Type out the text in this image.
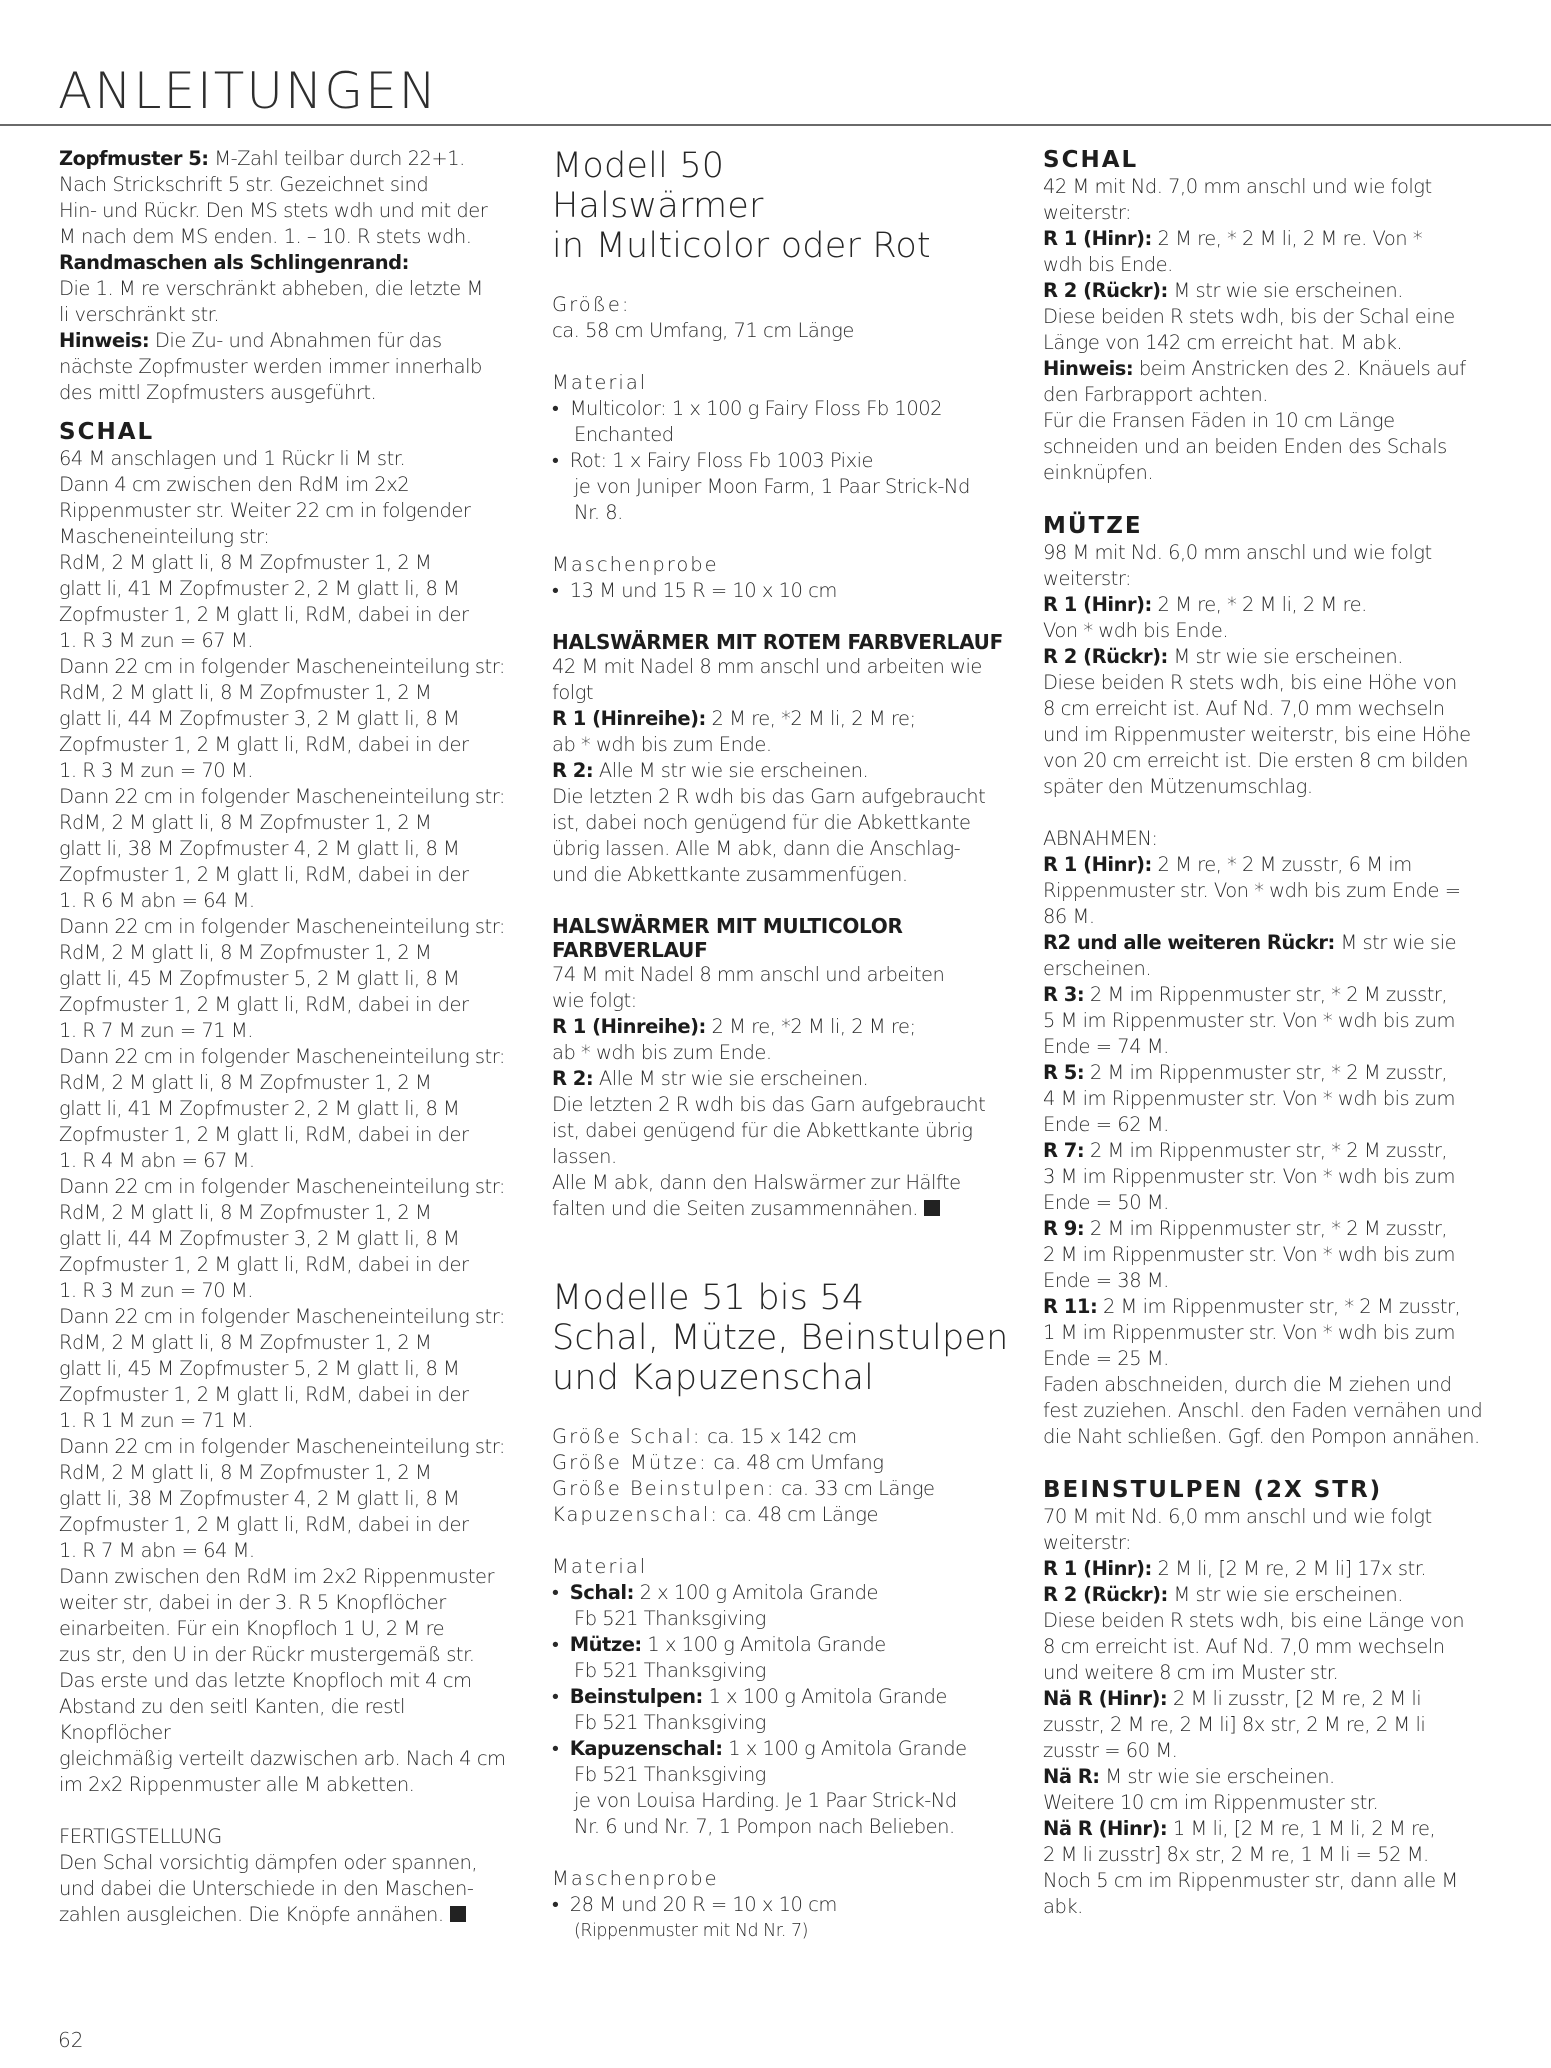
ANLEITUNGEN

Zopfmuster 5: M-Zahl teilbar durch 22+1.

Nach Strickschrift 5 str. Gezeichnet sind

Hin- und Rückr. Den MS stets wdh und mit der

M nach dem MS enden. 1. – 10. R stets wdh.

Randmaschen als Schlingenrand:

Die 1. M re verschränkt abheben, die letzte M

li verschränkt str.

Hinweis: Die Zu- und Abnahmen für das

nächste Zopfmuster werden immer innerhalb

des mittl Zopfmusters ausgeführt.

SCHAL

64 M anschlagen und 1 Rückr li M str.

Dann 4 cm zwischen den RdM im 2x2

Rippenmuster str. Weiter 22 cm in folgender

Mascheneinteilung str:

RdM, 2 M glatt li, 8 M Zopfmuster 1, 2 M

glatt li, 41 M Zopfmuster 2, 2 M glatt li, 8 M

Zopfmuster 1, 2 M glatt li, RdM, dabei in der

1. R 3 M zun = 67 M.

Dann 22 cm in folgender Mascheneinteilung str:

RdM, 2 M glatt li, 8 M Zopfmuster 1, 2 M

glatt li, 44 M Zopfmuster 3, 2 M glatt li, 8 M

Zopfmuster 1, 2 M glatt li, RdM, dabei in der

1. R 3 M zun = 70 M.

Dann 22 cm in folgender Mascheneinteilung str:

RdM, 2 M glatt li, 8 M Zopfmuster 1, 2 M

glatt li, 38 M Zopfmuster 4, 2 M glatt li, 8 M

Zopfmuster 1, 2 M glatt li, RdM, dabei in der

1. R 6 M abn = 64 M.

Dann 22 cm in folgender Mascheneinteilung str:

RdM, 2 M glatt li, 8 M Zopfmuster 1, 2 M

glatt li, 45 M Zopfmuster 5, 2 M glatt li, 8 M

Zopfmuster 1, 2 M glatt li, RdM, dabei in der

1. R 7 M zun = 71 M.

Dann 22 cm in folgender Mascheneinteilung str:

RdM, 2 M glatt li, 8 M Zopfmuster 1, 2 M

glatt li, 41 M Zopfmuster 2, 2 M glatt li, 8 M

Zopfmuster 1, 2 M glatt li, RdM, dabei in der

1. R 4 M abn = 67 M.

Dann 22 cm in folgender Mascheneinteilung str:

RdM, 2 M glatt li, 8 M Zopfmuster 1, 2 M

glatt li, 44 M Zopfmuster 3, 2 M glatt li, 8 M

Zopfmuster 1, 2 M glatt li, RdM, dabei in der

1. R 3 M zun = 70 M.

Dann 22 cm in folgender Mascheneinteilung str:

RdM, 2 M glatt li, 8 M Zopfmuster 1, 2 M

glatt li, 45 M Zopfmuster 5, 2 M glatt li, 8 M

Zopfmuster 1, 2 M glatt li, RdM, dabei in der

1. R 1 M zun = 71 M.

Dann 22 cm in folgender Mascheneinteilung str:

RdM, 2 M glatt li, 8 M Zopfmuster 1, 2 M

glatt li, 38 M Zopfmuster 4, 2 M glatt li, 8 M

Zopfmuster 1, 2 M glatt li, RdM, dabei in der

1. R 7 M abn = 64 M.

Dann zwischen den RdM im 2x2 Rippenmuster

weiter str, dabei in der 3. R 5 Knopflöcher

einarbeiten. Für ein Knopfloch 1 U, 2 M re

zus str, den U in der Rückr mustergemäß str.

Das erste und das letzte Knopfloch mit 4 cm

Abstand zu den seitl Kanten, die restl Knopflöcher

gleichmäßig verteilt dazwischen arb. Nach 4 cm

im 2x2 Rippenmuster alle M abketten.

FERTIGSTELLUNG

Den Schal vorsichtig dämpfen oder spannen,

und dabei die Unterschiede in den Maschen-

zahlen ausgleichen. Die Knöpfe annähen.

Modell 50

Halswärmer

in Multicolor oder Rot

Größe:

ca. 58 cm Umfang, 71 cm Länge

Material

•  Multicolor: 1 x 100 g Fairy Floss Fb 1002

Enchanted

•  Rot: 1 x Fairy Floss Fb 1003 Pixie

je von Juniper Moon Farm, 1 Paar Strick-Nd

Nr. 8.

Maschenprobe

•  13 M und 15 R = 10 x 10 cm

HALSWÄRMER MIT ROTEM FARBVERLAUF

42 M mit Nadel 8 mm anschl und arbeiten wie

folgt

R 1 (Hinreihe): 2 M re, *2 M li, 2 M re;

ab * wdh bis zum Ende.

R 2: Alle M str wie sie erscheinen.

Die letzten 2 R wdh bis das Garn aufgebraucht

ist, dabei noch genügend für die Abkettkante

übrig lassen. Alle M abk, dann die Anschlag-

und die Abkettkante zusammenfügen.

HALSWÄRMER MIT MULTICOLOR

FARBVERLAUF

74 M mit Nadel 8 mm anschl und arbeiten

wie folgt:

R 1 (Hinreihe): 2 M re, *2 M li, 2 M re;

ab * wdh bis zum Ende.

R 2: Alle M str wie sie erscheinen.

Die letzten 2 R wdh bis das Garn aufgebraucht

ist, dabei genügend für die Abkettkante übrig

lassen.

Alle M abk, dann den Halswärmer zur Hälfte

falten und die Seiten zusammennähen.

Modelle 51 bis 54

Schal, Mütze, Beinstulpen

und Kapuzenschal

Größe Schal: ca. 15 x 142 cm

Größe Mütze: ca. 48 cm Umfang

Größe Beinstulpen: ca. 33 cm Länge

Kapuzenschal: ca. 48 cm Länge

Material

•  Schal: 2 x 100 g Amitola Grande

Fb 521 Thanksgiving

•  Mütze: 1 x 100 g Amitola Grande

Fb 521 Thanksgiving

•  Beinstulpen: 1 x 100 g Amitola Grande

Fb 521 Thanksgiving

•  Kapuzenschal: 1 x 100 g Amitola Grande

Fb 521 Thanksgiving

je von Louisa Harding. Je 1 Paar Strick-Nd

Nr. 6 und Nr. 7, 1 Pompon nach Belieben.

Maschenprobe

•  28 M und 20 R = 10 x 10 cm

(Rippenmuster mit Nd Nr. 7)

SCHAL

42 M mit Nd. 7,0 mm anschl und wie folgt

weiterstr:

R 1 (Hinr): 2 M re, * 2 M li, 2 M re. Von *

wdh bis Ende.

R 2 (Rückr): M str wie sie erscheinen.

Diese beiden R stets wdh, bis der Schal eine

Länge von 142 cm erreicht hat. M abk.

Hinweis: beim Anstricken des 2. Knäuels auf

den Farbrapport achten.

Für die Fransen Fäden in 10 cm Länge

schneiden und an beiden Enden des Schals

einknüpfen.

MÜTZE

98 M mit Nd. 6,0 mm anschl und wie folgt

weiterstr:

R 1 (Hinr): 2 M re, * 2 M li, 2 M re.

Von * wdh bis Ende.

R 2 (Rückr): M str wie sie erscheinen.

Diese beiden R stets wdh, bis eine Höhe von

8 cm erreicht ist. Auf Nd. 7,0 mm wechseln

und im Rippenmuster weiterstr, bis eine Höhe

von 20 cm erreicht ist. Die ersten 8 cm bilden

später den Mützenumschlag.

ABNAHMEN:

R 1 (Hinr): 2 M re, * 2 M zusstr, 6 M im

Rippenmuster str. Von * wdh bis zum Ende =

86 M.

R2 und alle weiteren Rückr: M str wie sie

erscheinen.

R 3: 2 M im Rippenmuster str, * 2 M zusstr,

5 M im Rippenmuster str. Von * wdh bis zum

Ende = 74 M.

R 5: 2 M im Rippenmuster str, * 2 M zusstr,

4 M im Rippenmuster str. Von * wdh bis zum

Ende = 62 M.

R 7: 2 M im Rippenmuster str, * 2 M zusstr,

3 M im Rippenmuster str. Von * wdh bis zum

Ende = 50 M.

R 9: 2 M im Rippenmuster str, * 2 M zusstr,

2 M im Rippenmuster str. Von * wdh bis zum

Ende = 38 M.

R 11: 2 M im Rippenmuster str, * 2 M zusstr,

1 M im Rippenmuster str. Von * wdh bis zum

Ende = 25 M.

Faden abschneiden, durch die M ziehen und

fest zuziehen. Anschl. den Faden vernähen und

die Naht schließen. Ggf. den Pompon annähen.

BEINSTULPEN (2X STR)

70 M mit Nd. 6,0 mm anschl und wie folgt

weiterstr:

R 1 (Hinr): 2 M li, [2 M re, 2 M li] 17x str.

R 2 (Rückr): M str wie sie erscheinen.

Diese beiden R stets wdh, bis eine Länge von

8 cm erreicht ist. Auf Nd. 7,0 mm wechseln

und weitere 8 cm im Muster str.

Nä R (Hinr): 2 M li zusstr, [2 M re, 2 M li

zusstr, 2 M re, 2 M li] 8x str, 2 M re, 2 M li

zusstr = 60 M.

Nä R: M str wie sie erscheinen.

Weitere 10 cm im Rippenmuster str.

Nä R (Hinr): 1 M li, [2 M re, 1 M li, 2 M re,

2 M li zusstr] 8x str, 2 M re, 1 M li = 52 M.

Noch 5 cm im Rippenmuster str, dann alle M

abk.

62
